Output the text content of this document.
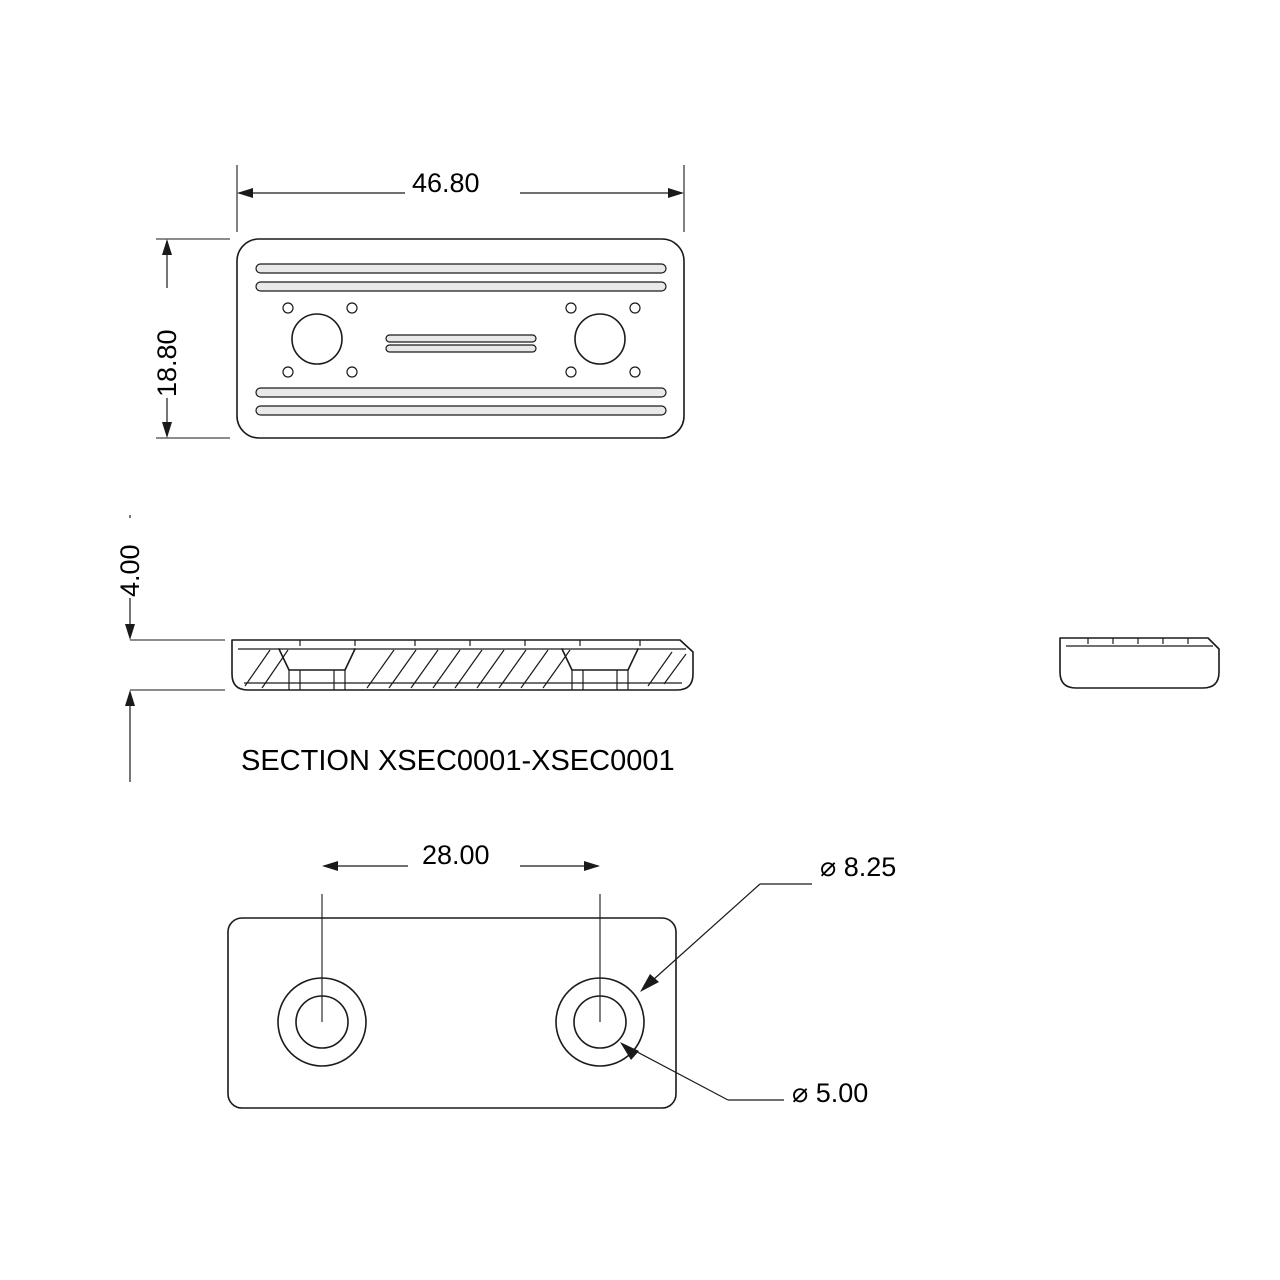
46.80
18.80
4.00
SECTION XSEC0001-XSEC0001
28.00	⌀ 8.25
⌀ 5.00
